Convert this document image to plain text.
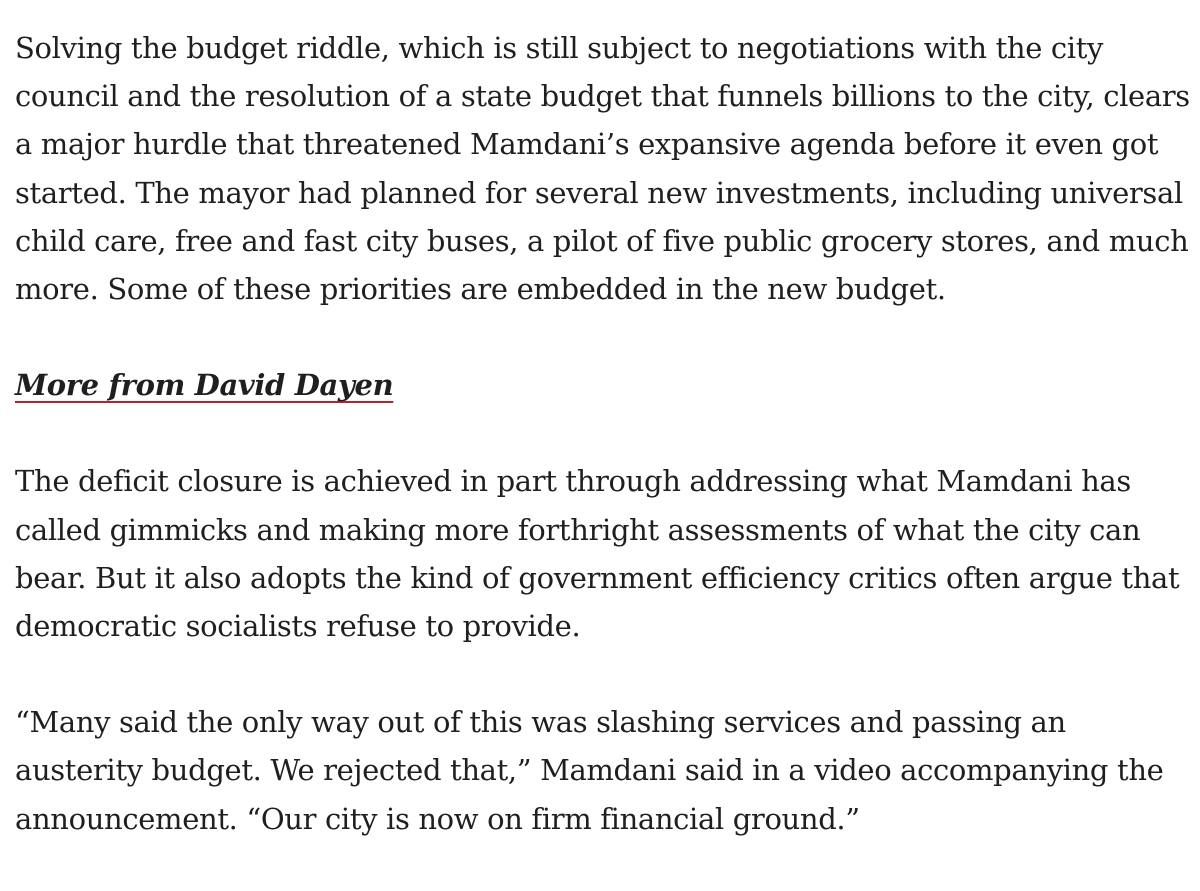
Solving the budget riddle, which is still subject to negotiations with the city council and the resolution of a state budget that funnels billions to the city, clears a major hurdle that threatened Mamdani’s expansive agenda before it even got started. The mayor had planned for several new investments, including universal child care, free and fast city buses, a pilot of five public grocery stores, and much more. Some of these priorities are embedded in the new budget.

More from David Dayen

The deficit closure is achieved in part through addressing what Mamdani has called gimmicks and making more forthright assessments of what the city can bear. But it also adopts the kind of government efficiency critics often argue that democratic socialists refuse to provide.

“Many said the only way out of this was slashing services and passing an austerity budget. We rejected that,” Mamdani said in a video accompanying the announcement. “Our city is now on firm financial ground.”
